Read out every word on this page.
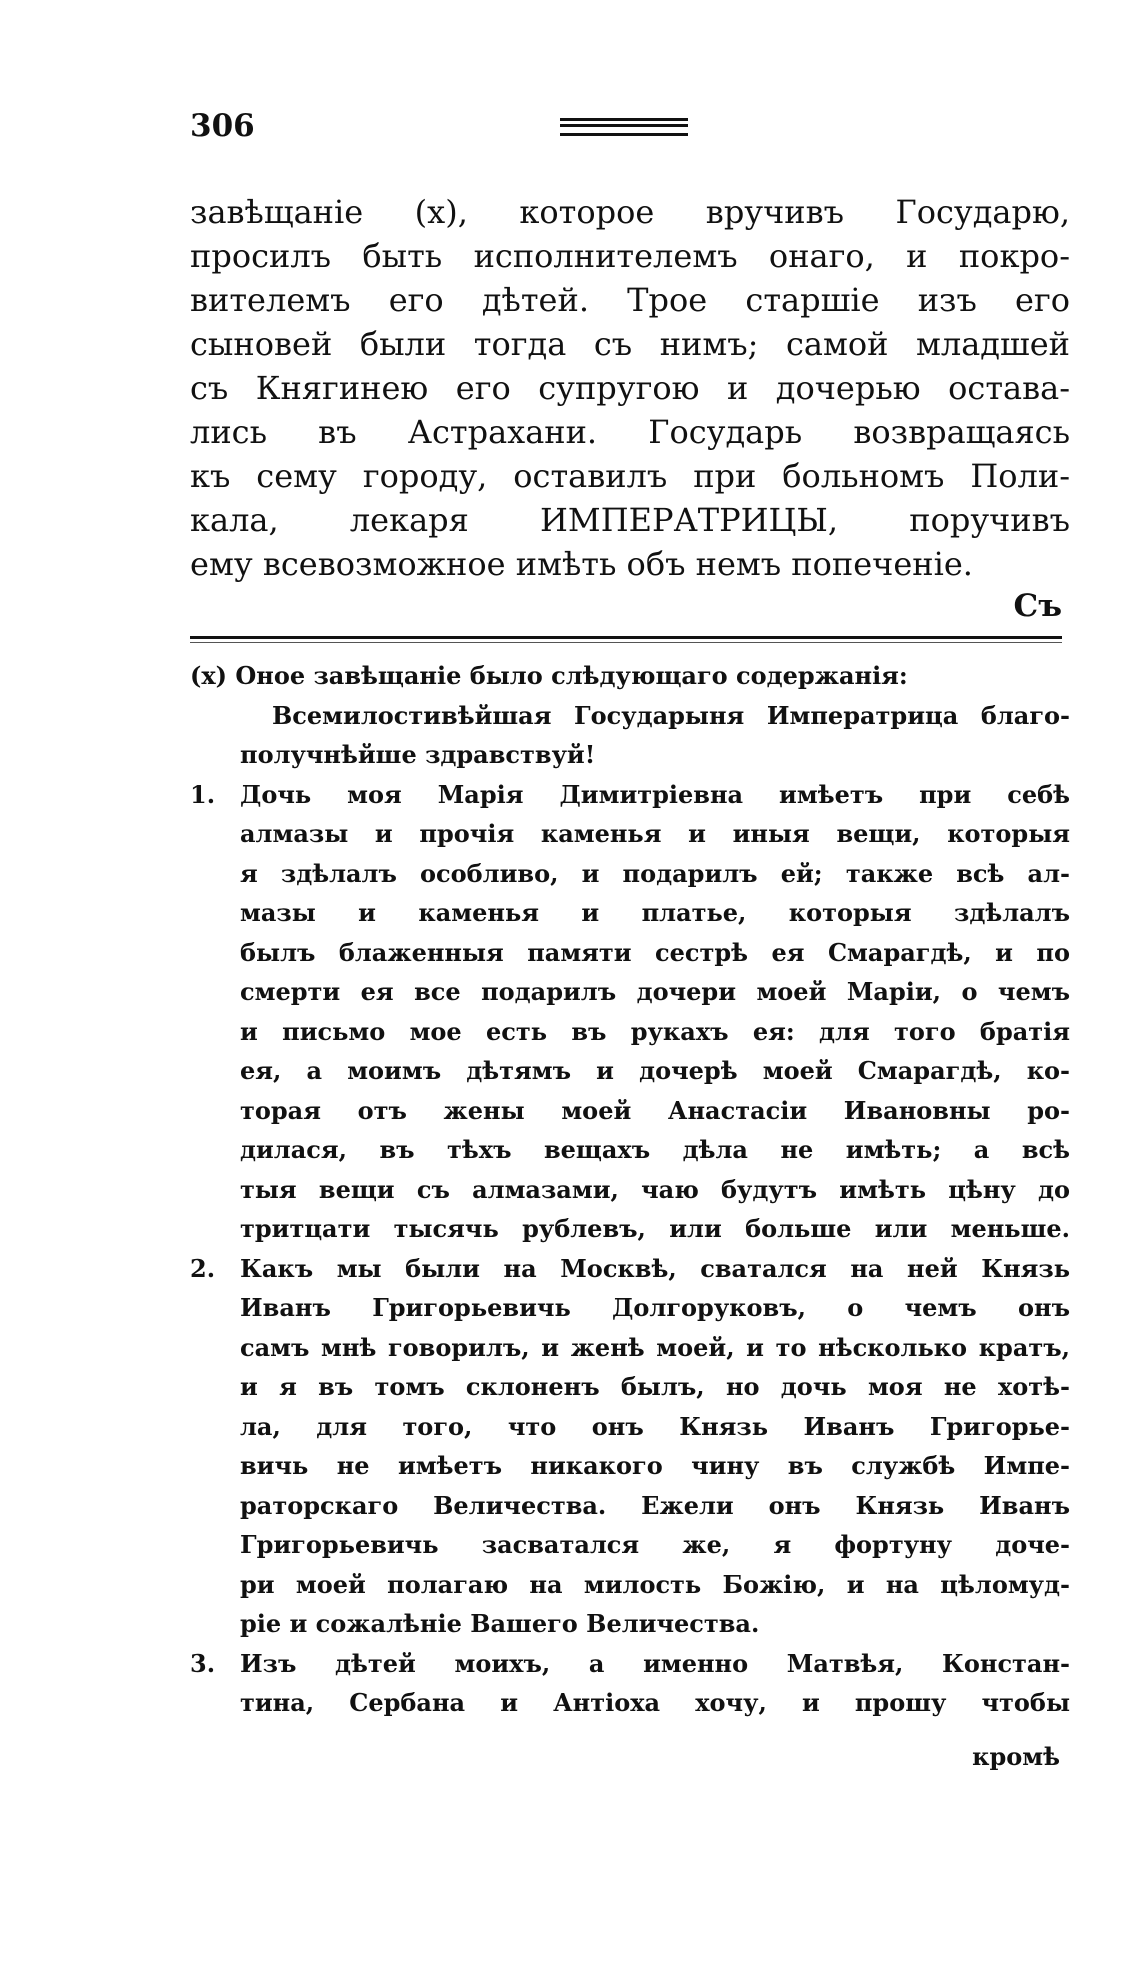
306
завѣщанiе (x), которое вручивъ Государю,
просилъ быть исполнителемъ онаго, и покро-
вителемъ его дѣтей. Трое старшiе изъ его
сыновей были тогда съ нимъ; самой младшей
съ Княгинею его супругою и дочерью остава-
лись въ Астрахани. Государь возвращаясь
къ сему городу, оставилъ при больномъ Поли-
кала, лекаря ИМПЕРАТРИЦЫ, поручивъ
ему всевозможное имѣть объ немъ попеченiе.
Съ
(x) Оное завѣщанiе было слѣдующаго содержанiя:
Всемилостивѣйшая Государыня Императрица благо-
получнѣйше здравствуй!
1.	Дочь моя Марiя Димитрiевна имѣетъ при себѣ
алмазы и прочiя каменья и иныя вещи, которыя
я здѣлалъ особливо, и подарилъ ей; также всѣ ал-
мазы и каменья и платье, которыя здѣлалъ
былъ блаженныя памяти сестрѣ ея Смарагдѣ, и по
смерти ея все подарилъ дочери моей Марiи, о чемъ
и письмо мое есть въ рукахъ ея: для того братiя
ея, а моимъ дѣтямъ и дочерѣ моей Смарагдѣ, ко-
торая отъ жены моей Анастасiи Ивановны ро-
дилася, въ тѣхъ вещахъ дѣла не имѣть; а всѣ
тыя вещи съ алмазами, чаю будутъ имѣть цѣну до
тритцати тысячь рублевъ, или больше или меньше.
2.	Какъ мы были на Москвѣ, сватался на ней Князь
Иванъ Григорьевичь Долгоруковъ, о чемъ онъ
самъ мнѣ говорилъ, и женѣ моей, и то нѣсколько кратъ,
и я въ томъ склоненъ былъ, но дочь моя не хотѣ-
ла, для того, что онъ Князь Иванъ Григорье-
вичь не имѣетъ никакого чину въ службѣ Импе-
раторскаго Величества. Ежели онъ Князь Иванъ
Григорьевичь засватался же, я фортуну доче-
ри моей полагаю на милость Божiю, и на цѣломуд-
рiе и сожалѣнiе Вашего Величества.
3.	Изъ дѣтей моихъ, а именно Матвѣя, Констан-
тина, Сербана и Антiоха хочу, и прошу чтобы
кромѣ
